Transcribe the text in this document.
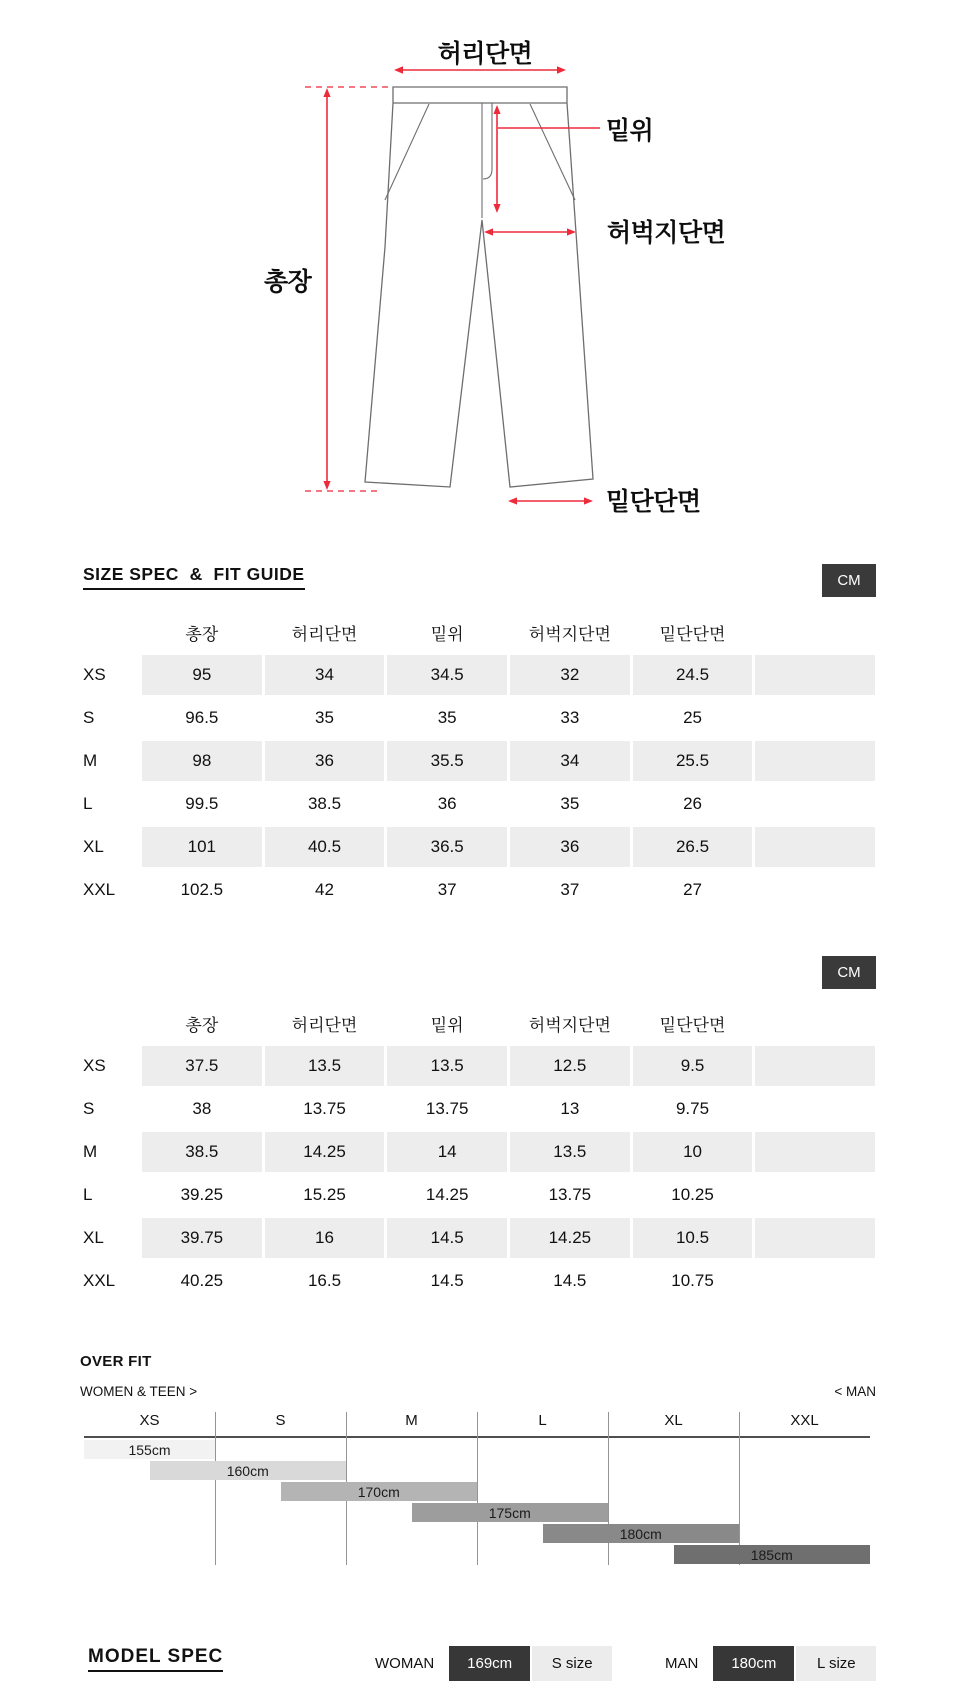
허리단면
밑위
허벅지단면
총장
밑단단면
SIZE SPEC  &  FIT GUIDE	CM
총장	허리단면	밑위	허벅지단면	밑단단면
XS	95	34	34.5	32	24.5
S	96.5	35	35	33	25
M	98	36	35.5	34	25.5
L	99.5	38.5	36	35	26
XL	101	40.5	36.5	36	26.5
XXL	102.5	42	37	37	27
CM
총장	허리단면	밑위	허벅지단면	밑단단면
XS	37.5	13.5	13.5	12.5	9.5
S	38	13.75	13.75	13	9.75
M	38.5	14.25	14	13.5	10
L	39.25	15.25	14.25	13.75	10.25
XL	39.75	16	14.5	14.25	10.5
XXL	40.25	16.5	14.5	14.5	10.75
OVER FIT
WOMEN & TEEN >	< MAN
XS	S	M	L	XL	XXL
155cm
160cm
170cm
175cm
180cm
185cm
MODEL SPEC	WOMAN	169cm	S size	MAN	180cm	L size
